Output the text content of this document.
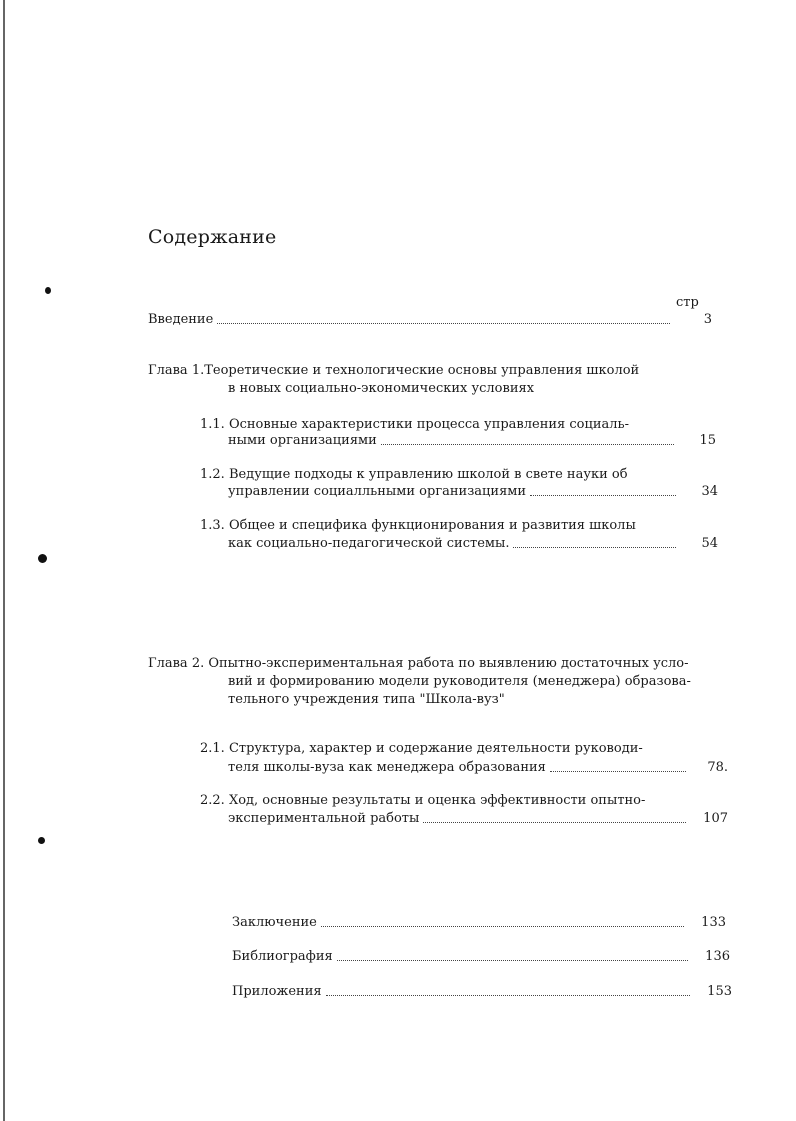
Содержание
стр
Введение	3
Глава 1.Теоретические и технологические основы управления школой
в новых социально-экономических условиях
1.1. Основные характеристики процесса управления социаль-
ными организациями	15
1.2. Ведущие подходы к управлению школой в свете науки об
управлении социалльными организациями	34
1.3. Общее и специфика функционирования и развития школы
как социально-педагогической системы.	54
Глава 2. Опытно-экспериментальная работа по выявлению достаточных усло-
вий и формированию модели руководителя (менеджера) образова-
тельного учреждения типа "Школа-вуз"
2.1. Структура, характер и содержание деятельности руководи-
теля школы-вуза как менеджера образования	78.
2.2. Ход, основные результаты и оценка эффективности опытно-
экспериментальной работы	107
Заключение	133
Библиография	136
Приложения	153
